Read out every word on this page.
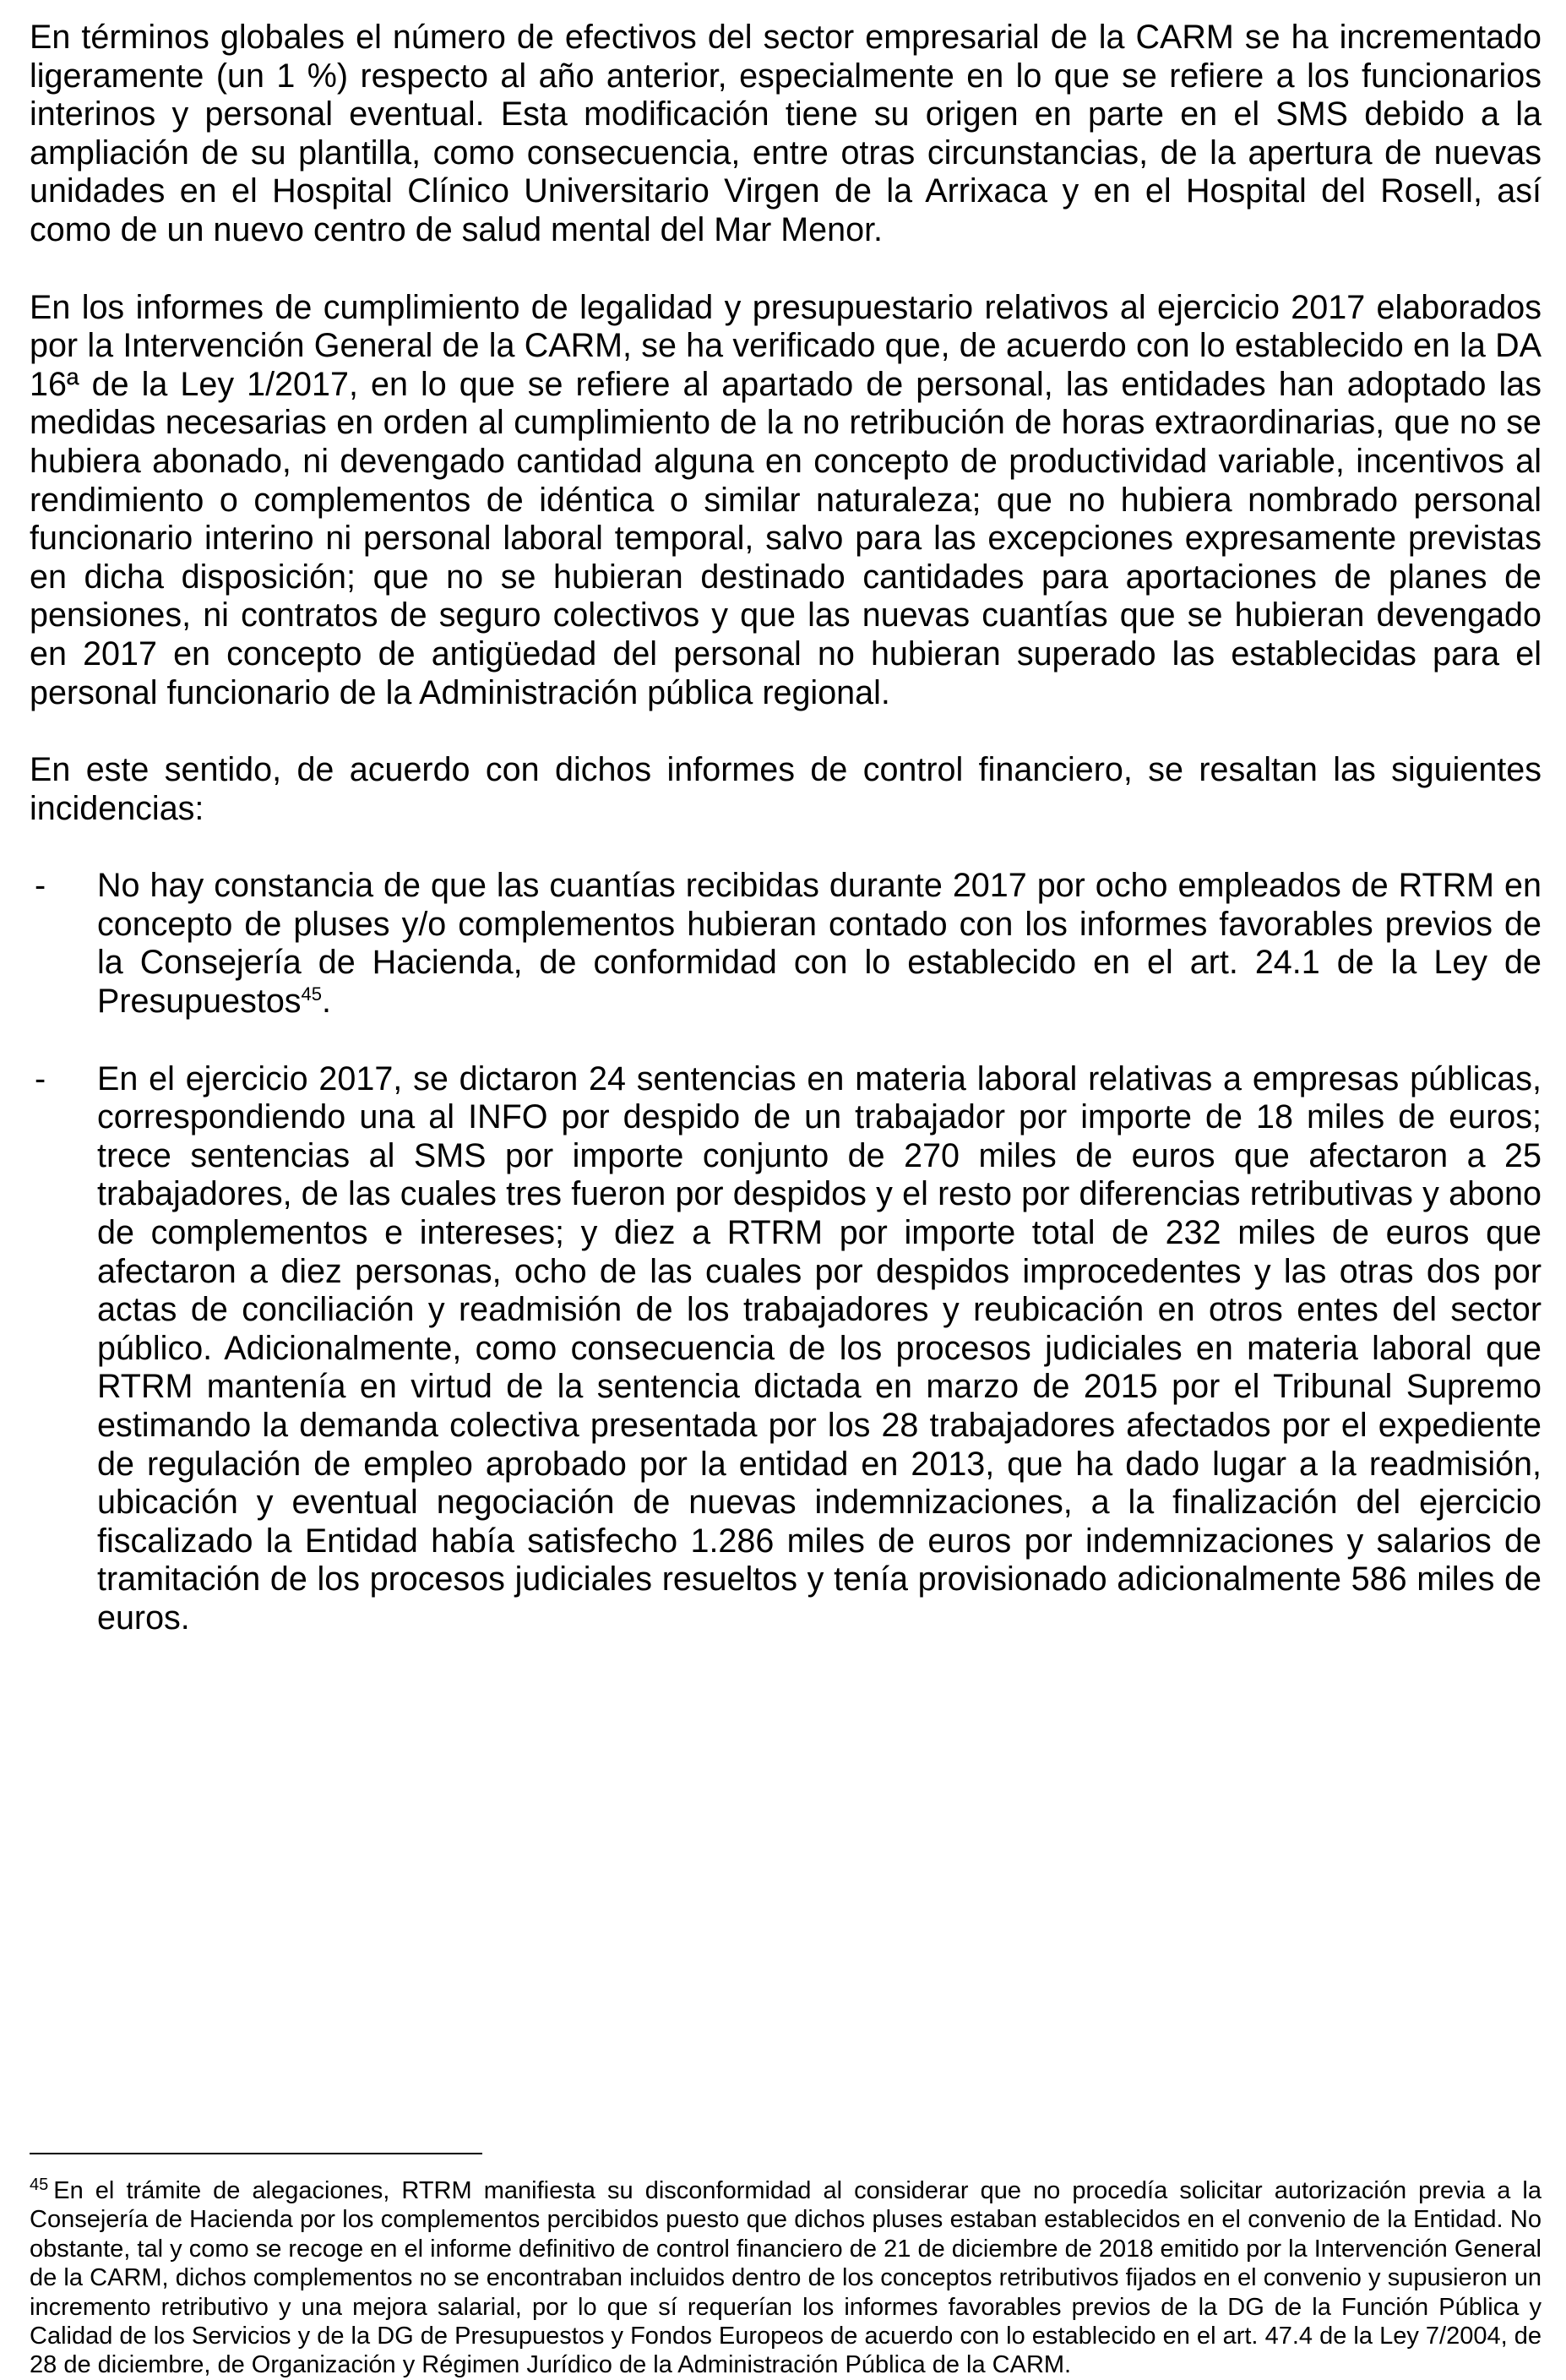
En términos globales el número de efectivos del sector empresarial de la CARM se ha incrementado ligeramente (un 1 %) respecto al año anterior, especialmente en lo que se refiere a los funcionarios interinos y personal eventual. Esta modificación tiene su origen en parte en el SMS debido a la ampliación de su plantilla, como consecuencia, entre otras circunstancias, de la apertura de nuevas unidades en el Hospital Clínico Universitario Virgen de la Arrixaca y en el Hospital del Rosell, así como de un nuevo centro de salud mental del Mar Menor.

En los informes de cumplimiento de legalidad y presupuestario relativos al ejercicio 2017 elaborados por la Intervención General de la CARM, se ha verificado que, de acuerdo con lo establecido en la DA 16ª de la Ley 1/2017, en lo que se refiere al apartado de personal, las entidades han adoptado las medidas necesarias en orden al cumplimiento de la no retribución de horas extraordinarias, que no se hubiera abonado, ni devengado cantidad alguna en concepto de productividad variable, incentivos al rendimiento o complementos de idéntica o similar naturaleza; que no hubiera nombrado personal funcionario interino ni personal laboral temporal, salvo para las excepciones expresamente previstas en dicha disposición; que no se hubieran destinado cantidades para aportaciones de planes de pensiones, ni contratos de seguro colectivos y que las nuevas cuantías que se hubieran devengado en 2017 en concepto de antigüedad del personal no hubieran superado las establecidas para el personal funcionario de la Administración pública regional.

En este sentido, de acuerdo con dichos informes de control financiero, se resaltan las siguientes incidencias:

-	No hay constancia de que las cuantías recibidas durante 2017 por ocho empleados de RTRM en concepto de pluses y/o complementos hubieran contado con los informes favorables previos de la Consejería de Hacienda, de conformidad con lo establecido en el art. 24.1 de la Ley de Presupuestos$^{45}$.
-	En el ejercicio 2017, se dictaron 24 sentencias en materia laboral relativas a empresas públicas, correspondiendo una al INFO por despido de un trabajador por importe de 18 miles de euros; trece sentencias al SMS por importe conjunto de 270 miles de euros que afectaron a 25 trabajadores, de las cuales tres fueron por despidos y el resto por diferencias retributivas y abono de complementos e intereses; y diez a RTRM por importe total de 232 miles de euros que afectaron a diez personas, ocho de las cuales por despidos improcedentes y las otras dos por actas de conciliación y readmisión de los trabajadores y reubicación en otros entes del sector público. Adicionalmente, como consecuencia de los procesos judiciales en materia laboral que RTRM mantenía en virtud de la sentencia dictada en marzo de 2015 por el Tribunal Supremo estimando la demanda colectiva presentada por los 28 trabajadores afectados por el expediente de regulación de empleo aprobado por la entidad en 2013, que ha dado lugar a la readmisión, ubicación y eventual negociación de nuevas indemnizaciones, a la finalización del ejercicio fiscalizado la Entidad había satisfecho 1.286 miles de euros por indemnizaciones y salarios de tramitación de los procesos judiciales resueltos y tenía provisionado adicionalmente 586 miles de euros.
$^{45}$ En el trámite de alegaciones, RTRM manifiesta su disconformidad al considerar que no procedía solicitar autorización previa a la Consejería de Hacienda por los complementos percibidos puesto que dichos pluses estaban establecidos en el convenio de la Entidad. No obstante, tal y como se recoge en el informe definitivo de control financiero de 21 de diciembre de 2018 emitido por la Intervención General de la CARM, dichos complementos no se encontraban incluidos dentro de los conceptos retributivos fijados en el convenio y supusieron un incremento retributivo y una mejora salarial, por lo que sí requerían los informes favorables previos de la DG de la Función Pública y Calidad de los Servicios y de la DG de Presupuestos y Fondos Europeos de acuerdo con lo establecido en el art. 47.4 de la Ley 7/2004, de 28 de diciembre, de Organización y Régimen Jurídico de la Administración Pública de la CARM.
